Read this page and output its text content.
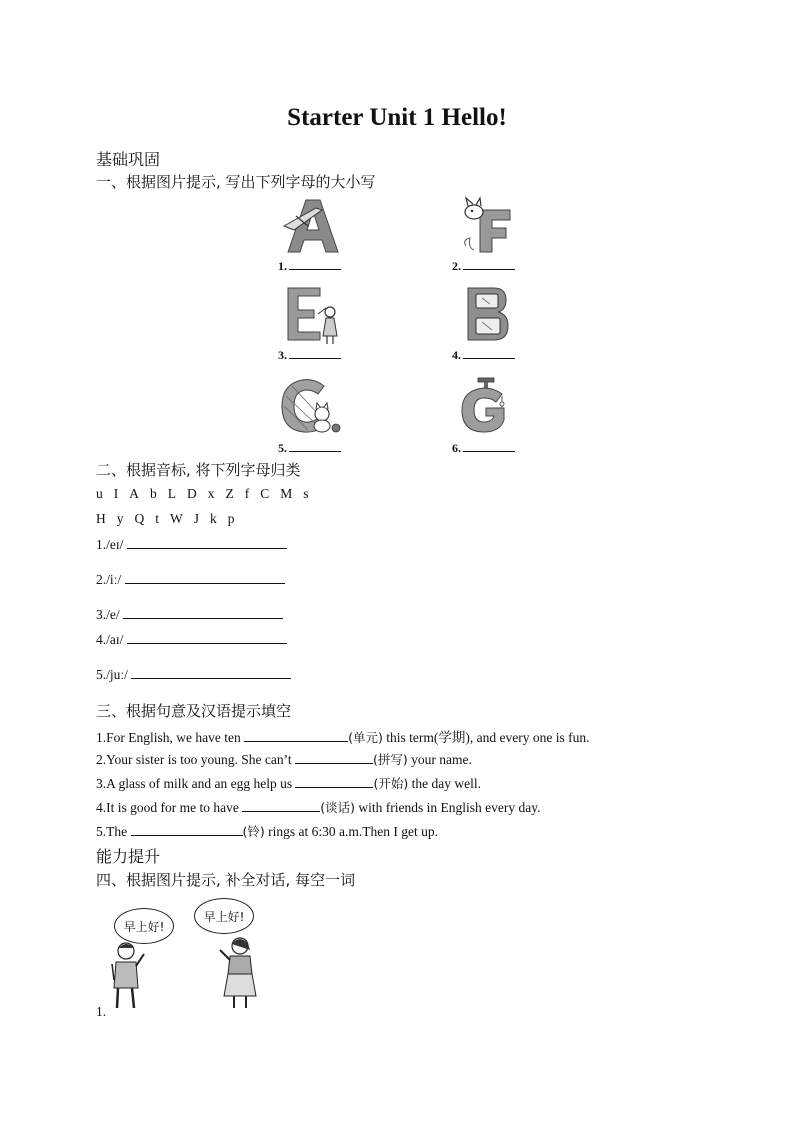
Starter Unit 1 Hello!
基础巩固
一、根据图片提示, 写出下列字母的大小写
1.	2.
3.	4.
5.	6.
二、根据音标, 将下列字母归类
u I A b L D x Z f C M s
H y Q t W J k p
1./eɪ/
2./iː/
3./e/
4./aɪ/
5./juː/
三、根据句意及汉语提示填空
1.For English, we have ten	(单元) this term(学期), and every one is fun.
2.Your sister is too young. She can’t	(拼写) your name.
3.A glass of milk and an egg help us	(开始) the day well.
4.It is good for me to have	(谈话) with friends in English every day.
5.The	(铃) rings at 6:30 a.m.Then I get up.
能力提升
四、根据图片提示, 补全对话, 每空一词
早上好!
早上好!
1.
